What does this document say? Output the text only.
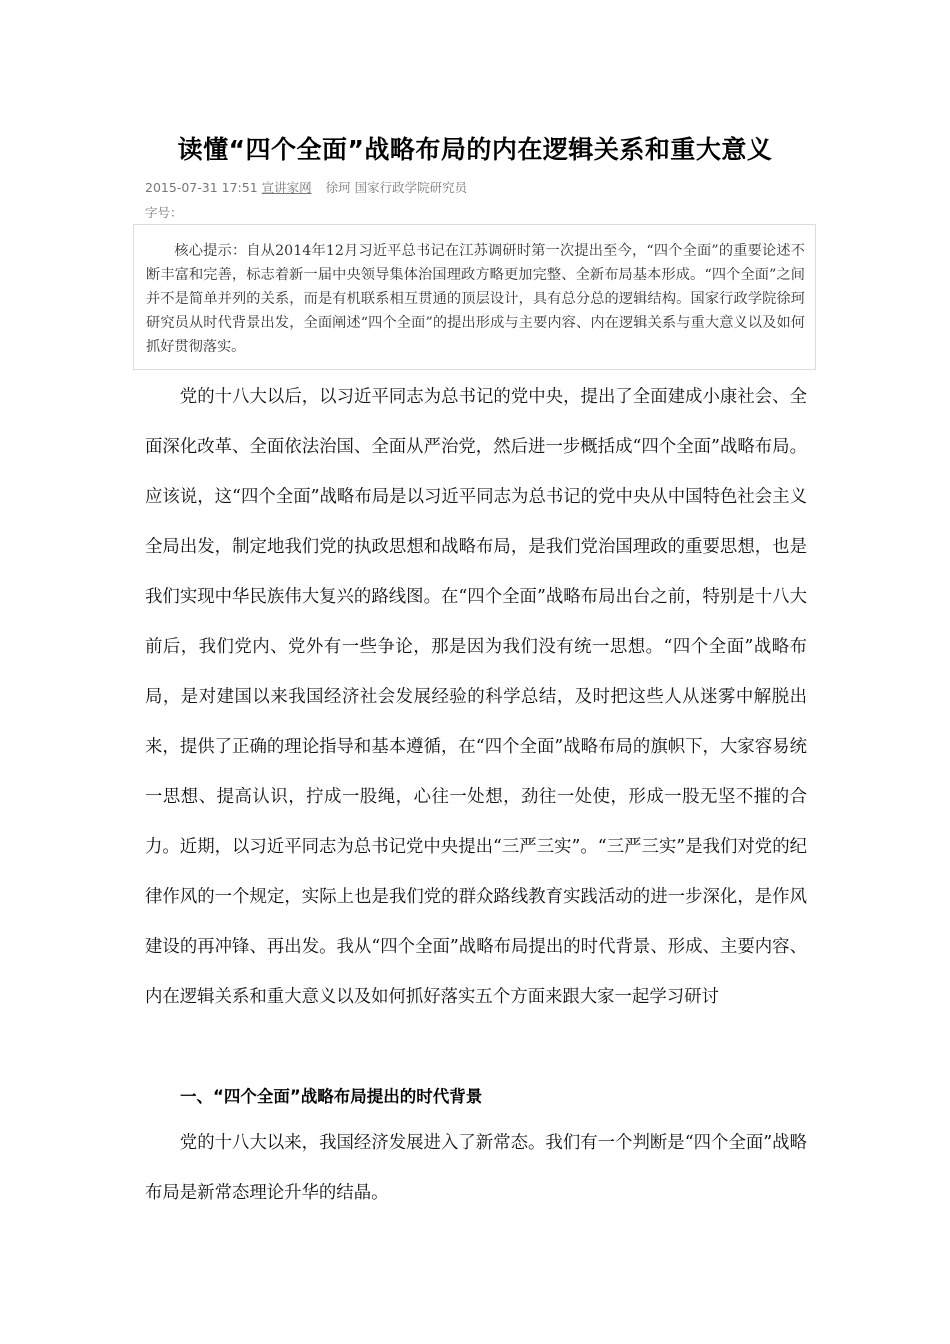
读懂“四个全面”战略布局的内在逻辑关系和重大意义
2015-07-31 17:51 宣讲家网 徐珂 国家行政学院研究员
字号：
核心提示：自从2014年12月习近平总书记在江苏调研时第一次提出至今，“四个全面”的重要论述不断丰富和完善，标志着新一届中央领导集体治国理政方略更加完整、全新布局基本形成。“四个全面”之间并不是简单并列的关系，而是有机联系相互贯通的顶层设计，具有总分总的逻辑结构。国家行政学院徐珂研究员从时代背景出发，全面阐述“四个全面”的提出形成与主要内容、内在逻辑关系与重大意义以及如何抓好贯彻落实。
党的十八大以后，以习近平同志为总书记的党中央，提出了全面建成小康社会、全面深化改革、全面依法治国、全面从严治党，然后进一步概括成“四个全面”战略布局。应该说，这“四个全面”战略布局是以习近平同志为总书记的党中央从中国特色社会主义全局出发，制定地我们党的执政思想和战略布局，是我们党治国理政的重要思想，也是我们实现中华民族伟大复兴的路线图。在“四个全面”战略布局出台之前，特别是十八大前后，我们党内、党外有一些争论，那是因为我们没有统一思想。“四个全面”战略布局，是对建国以来我国经济社会发展经验的科学总结，及时把这些人从迷雾中解脱出来，提供了正确的理论指导和基本遵循，在“四个全面”战略布局的旗帜下，大家容易统一思想、提高认识，拧成一股绳，心往一处想，劲往一处使，形成一股无坚不摧的合力。近期，以习近平同志为总书记党中央提出“三严三实”。“三严三实”是我们对党的纪律作风的一个规定，实际上也是我们党的群众路线教育实践活动的进一步深化，是作风建设的再冲锋、再出发。我从“四个全面”战略布局提出的时代背景、形成、主要内容、内在逻辑关系和重大意义以及如何抓好落实五个方面来跟大家一起学习研讨
一、“四个全面”战略布局提出的时代背景
党的十八大以来，我国经济发展进入了新常态。我们有一个判断是“四个全面”战略布局是新常态理论升华的结晶。
